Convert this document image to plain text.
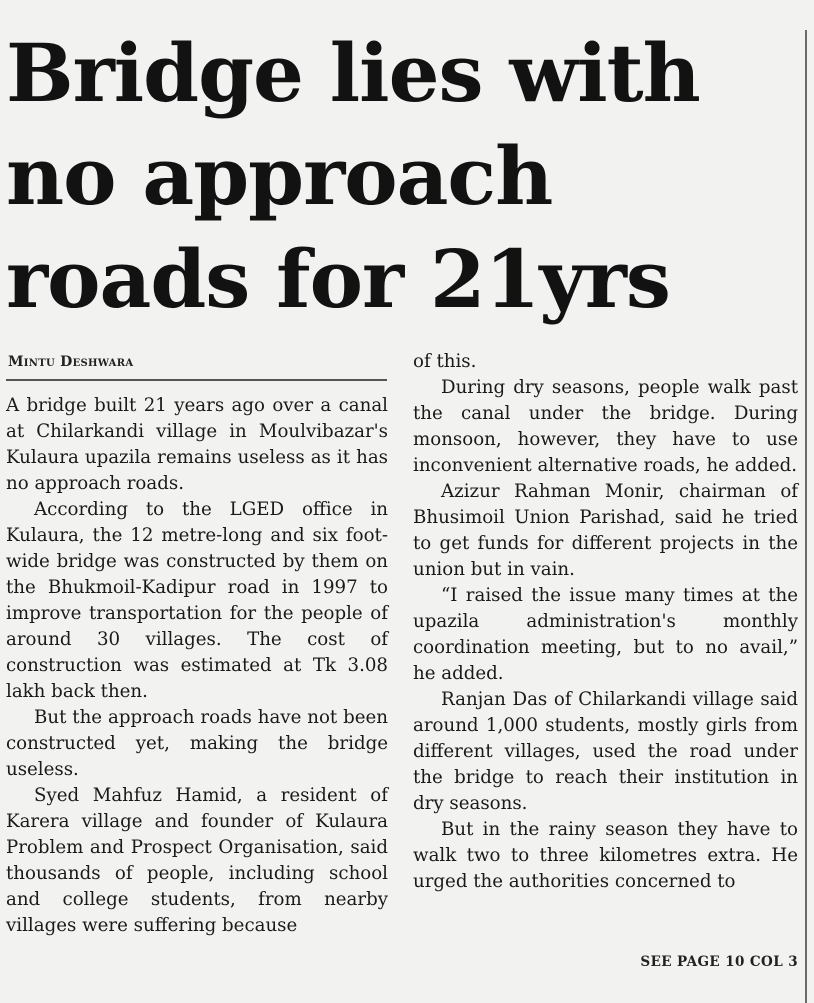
Bridge lies with
no approach
roads for 21yrs
Mintu Deshwara

A bridge built 21 years ago over a canal at Chilarkandi village in Moulvibazar's Kulaura upazila remains useless as it has no approach roads.

According to the LGED office in Kulaura, the 12 metre-long and six foot-wide bridge was constructed by them on the Bhukmoil-Kadipur road in 1997 to improve transportation for the people of around 30 villages. The cost of construction was estimated at Tk 3.08 lakh back then.

But the approach roads have not been constructed yet, making the bridge useless.

Syed Mahfuz Hamid, a resident of Karera village and founder of Kulaura Problem and Prospect Organisation, said thousands of people, including school and college students, from nearby villages were suffering because

of this.

During dry seasons, people walk past the canal under the bridge. During monsoon, however, they have to use inconvenient alternative roads, he added.

Azizur Rahman Monir, chairman of Bhusimoil Union Parishad, said he tried to get funds for different projects in the union but in vain.

“I raised the issue many times at the upazila administration's monthly coordination meeting, but to no avail,” he added.

Ranjan Das of Chilarkandi village said around 1,000 students, mostly girls from different villages, used the road under the bridge to reach their institution in dry seasons.

But in the rainy season they have to walk two to three kilometres extra. He urged the authorities concerned to

SEE PAGE 10 COL 3
